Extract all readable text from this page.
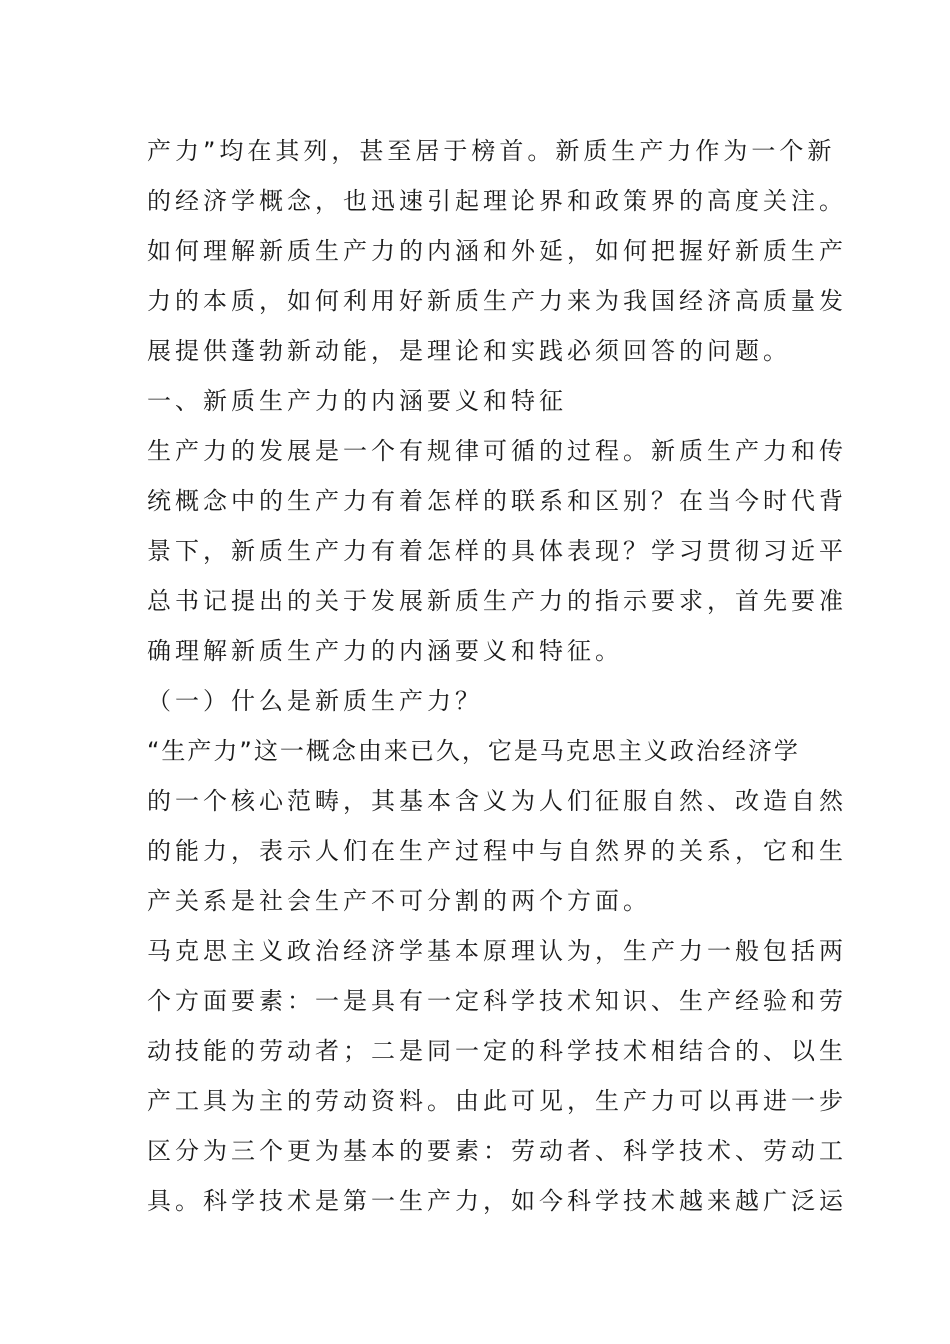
产力”均在其列，甚至居于榜首。新质生产力作为一个新
的经济学概念，也迅速引起理论界和政策界的高度关注。
如何理解新质生产力的内涵和外延，如何把握好新质生产
力的本质，如何利用好新质生产力来为我国经济高质量发
展提供蓬勃新动能，是理论和实践必须回答的问题。
一、新质生产力的内涵要义和特征
生产力的发展是一个有规律可循的过程。新质生产力和传
统概念中的生产力有着怎样的联系和区别？在当今时代背
景下，新质生产力有着怎样的具体表现？学习贯彻习近平
总书记提出的关于发展新质生产力的指示要求，首先要准
确理解新质生产力的内涵要义和特征。
（一）什么是新质生产力？
“生产力”这一概念由来已久，它是马克思主义政治经济学
的一个核心范畴，其基本含义为人们征服自然、改造自然
的能力，表示人们在生产过程中与自然界的关系，它和生
产关系是社会生产不可分割的两个方面。
马克思主义政治经济学基本原理认为，生产力一般包括两
个方面要素：一是具有一定科学技术知识、生产经验和劳
动技能的劳动者；二是同一定的科学技术相结合的、以生
产工具为主的劳动资料。由此可见，生产力可以再进一步
区分为三个更为基本的要素：劳动者、科学技术、劳动工
具。科学技术是第一生产力，如今科学技术越来越广泛运
